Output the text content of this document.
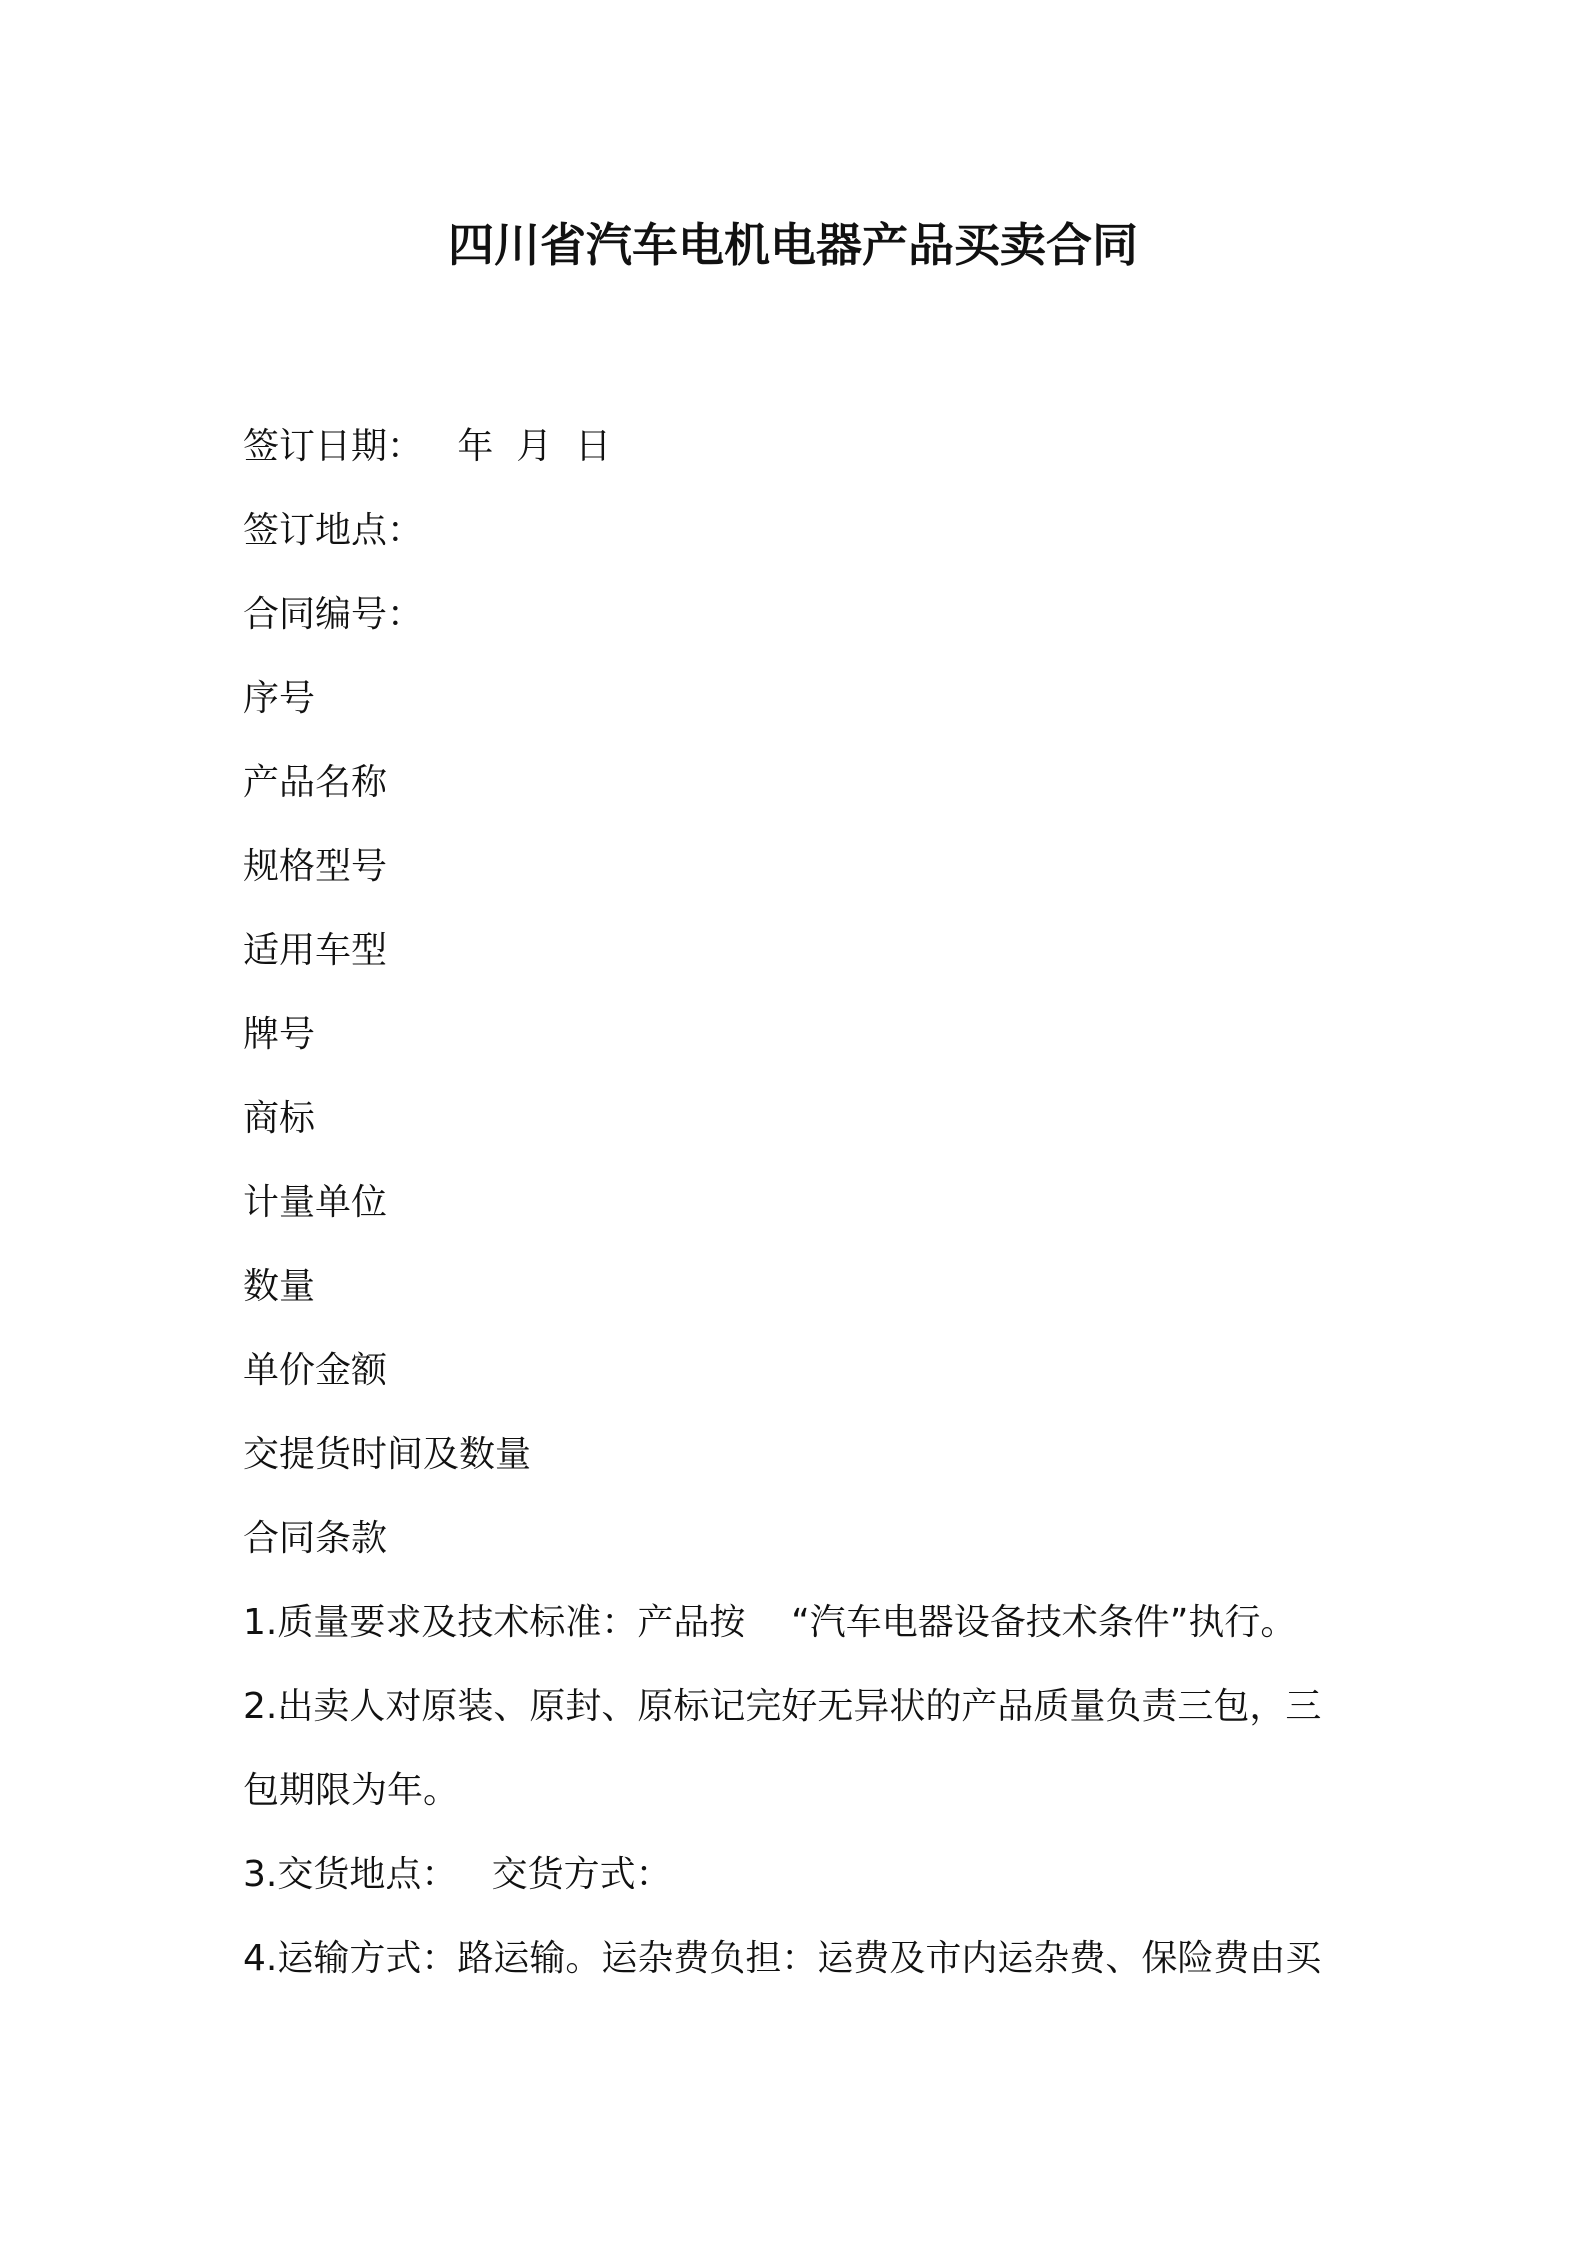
四川省汽车电机电器产品买卖合同
签订日期：   年  月  日
签订地点：
合同编号：
序号
产品名称
规格型号
适用车型
牌号
商标
计量单位
数量
单价金额
交提货时间及数量
合同条款
1.质量要求及技术标准：产品按    “汽车电器设备技术条件”执行。
2.出卖人对原装、原封、原标记完好无异状的产品质量负责三包，三
包期限为年。
3.交货地点：   交货方式：
4.运输方式：路运输。运杂费负担：运费及市内运杂费、保险费由买
